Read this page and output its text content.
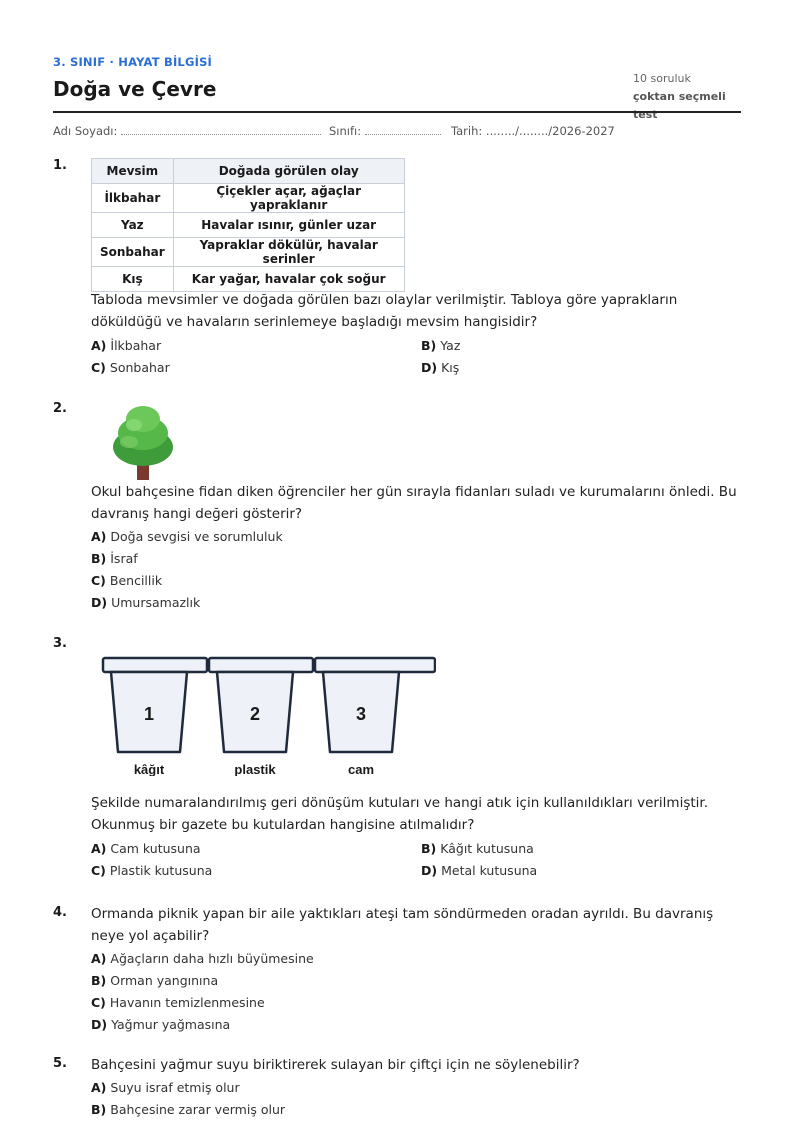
3. SINIF · HAYAT BİLGİSİ
Doğa ve Çevre	10 soruluk
çoktan seçmeli test
Adı Soyadı:	Sınıfı:	Tarih: ......../......../2026-2027
1.	Mevsim	Doğada görülen olay
İlkbahar	Çiçekler açar, ağaçlar yapraklanır
Yaz	Havalar ısınır, günler uzar
Sonbahar	Yapraklar dökülür, havalar serinler
Kış	Kar yağar, havalar çok soğur
Tabloda mevsimler ve doğada görülen bazı olaylar verilmiştir. Tabloya göre yaprakların döküldüğü ve havaların serinlemeye başladığı mevsim hangisidir?
A) İlkbahar	B) Yaz
C) Sonbahar	D) Kış
2.
Okul bahçesine fidan diken öğrenciler her gün sırayla fidanları suladı ve kurumalarını önledi. Bu davranış hangi değeri gösterir?
A) Doğa sevgisi ve sorumluluk
B) İsraf
C) Bencillik
D) Umursamazlık
3.
1
kâğıt
2
plastik
3
cam
Şekilde numaralandırılmış geri dönüşüm kutuları ve hangi atık için kullanıldıkları verilmiştir. Okunmuş bir gazete bu kutulardan hangisine atılmalıdır?
A) Cam kutusuna	B) Kâğıt kutusuna
C) Plastik kutusuna	D) Metal kutusuna
4. Ormanda piknik yapan bir aile yaktıkları ateşi tam söndürmeden oradan ayrıldı. Bu davranış neye yol açabilir?
A) Ağaçların daha hızlı büyümesine
B) Orman yangınına
C) Havanın temizlenmesine
D) Yağmur yağmasına
5. Bahçesini yağmur suyu biriktirerek sulayan bir çiftçi için ne söylenebilir?
A) Suyu israf etmiş olur
B) Bahçesine zarar vermiş olur
